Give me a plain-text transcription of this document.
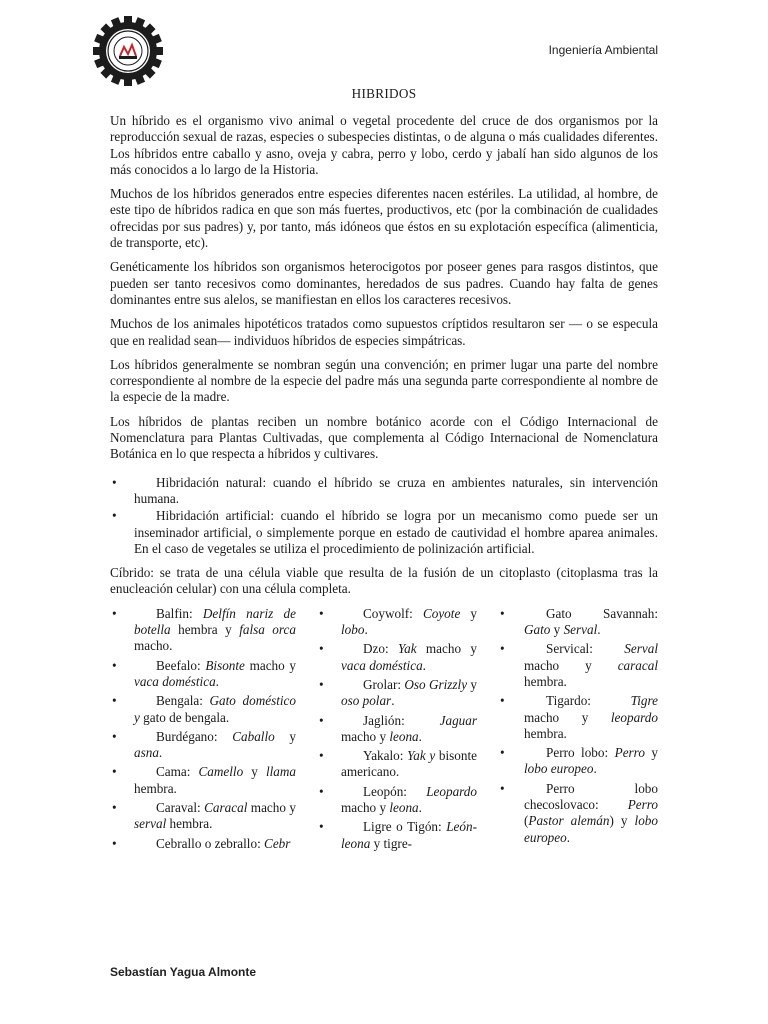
Ingeniería Ambiental
HIBRIDOS

Un híbrido es el organismo vivo animal o vegetal procedente del cruce de dos organismos por la reproducción sexual de razas, especies o subespecies distintas, o de alguna o más cualidades diferentes. Los híbridos entre caballo y asno, oveja y cabra, perro y lobo, cerdo y jabalí han sido algunos de los más conocidos a lo largo de la Historia.

Muchos de los híbridos generados entre especies diferentes nacen estériles. La utilidad, al hombre, de este tipo de híbridos radica en que son más fuertes, productivos, etc (por la combinación de cualidades ofrecidas por sus padres) y, por tanto, más idóneos que éstos en su explotación específica (alimenticia, de transporte, etc).

Genéticamente los híbridos son organismos heterocigotos por poseer genes para rasgos distintos, que pueden ser tanto recesivos como dominantes, heredados de sus padres. Cuando hay falta de genes dominantes entre sus alelos, se manifiestan en ellos los caracteres recesivos.

Muchos de los animales hipotéticos tratados como supuestos críptidos resultaron ser — o se especula que en realidad sean— individuos híbridos de especies simpátricas.

Los híbridos generalmente se nombran según una convención; en primer lugar una parte del nombre correspondiente al nombre de la especie del padre más una segunda parte correspondiente al nombre de la especie de la madre.

Los híbridos de plantas reciben un nombre botánico acorde con el Código Internacional de Nomenclatura para Plantas Cultivadas, que complementa al Código Internacional de Nomenclatura Botánica en lo que respecta a híbridos y cultivares.

•	Hibridación natural: cuando el híbrido se cruza en ambientes naturales, sin intervención humana.
•	Hibridación artificial: cuando el híbrido se logra por un mecanismo como puede ser un inseminador artificial, o simplemente porque en estado de cautividad el hombre aparea animales. En el caso de vegetales se utiliza el procedimiento de polinización artificial.

Cíbrido: se trata de una célula viable que resulta de la fusión de un citoplasto (citoplasma tras la enucleación celular) con una célula completa.

•	Balfin: Delfín nariz de botella hembra y falsa orca macho.
•	Beefalo: Bisonte macho y vaca doméstica.
•	Bengala: Gato doméstico y gato de bengala.
•	Burdégano: Caballo y asna.
•	Cama: Camello y llama hembra.
•	Caraval: Caracal macho y serval hembra.
•	Cebrallo o zebrallo: Cebr
•	Coywolf: Coyote y lobo.
•	Dzo: Yak macho y vaca doméstica.
•	Grolar: Oso Grizzly y oso polar.
•	Jaglión: Jaguar macho y leona.
•	Yakalo: Yak y bisonte americano.
•	Leopón: Leopardo macho y leona.
•	Ligre o Tigón: León-leona y tigre-
•	Gato Savannah: Gato y Serval.
•	Servical: Serval macho y caracal hembra.
•	Tigardo: Tigre macho y leopardo hembra.
•	Perro lobo: Perro y lobo europeo.
•	Perro lobo checoslovaco: Perro (Pastor alemán) y lobo europeo.
Sebastían Yagua Almonte
